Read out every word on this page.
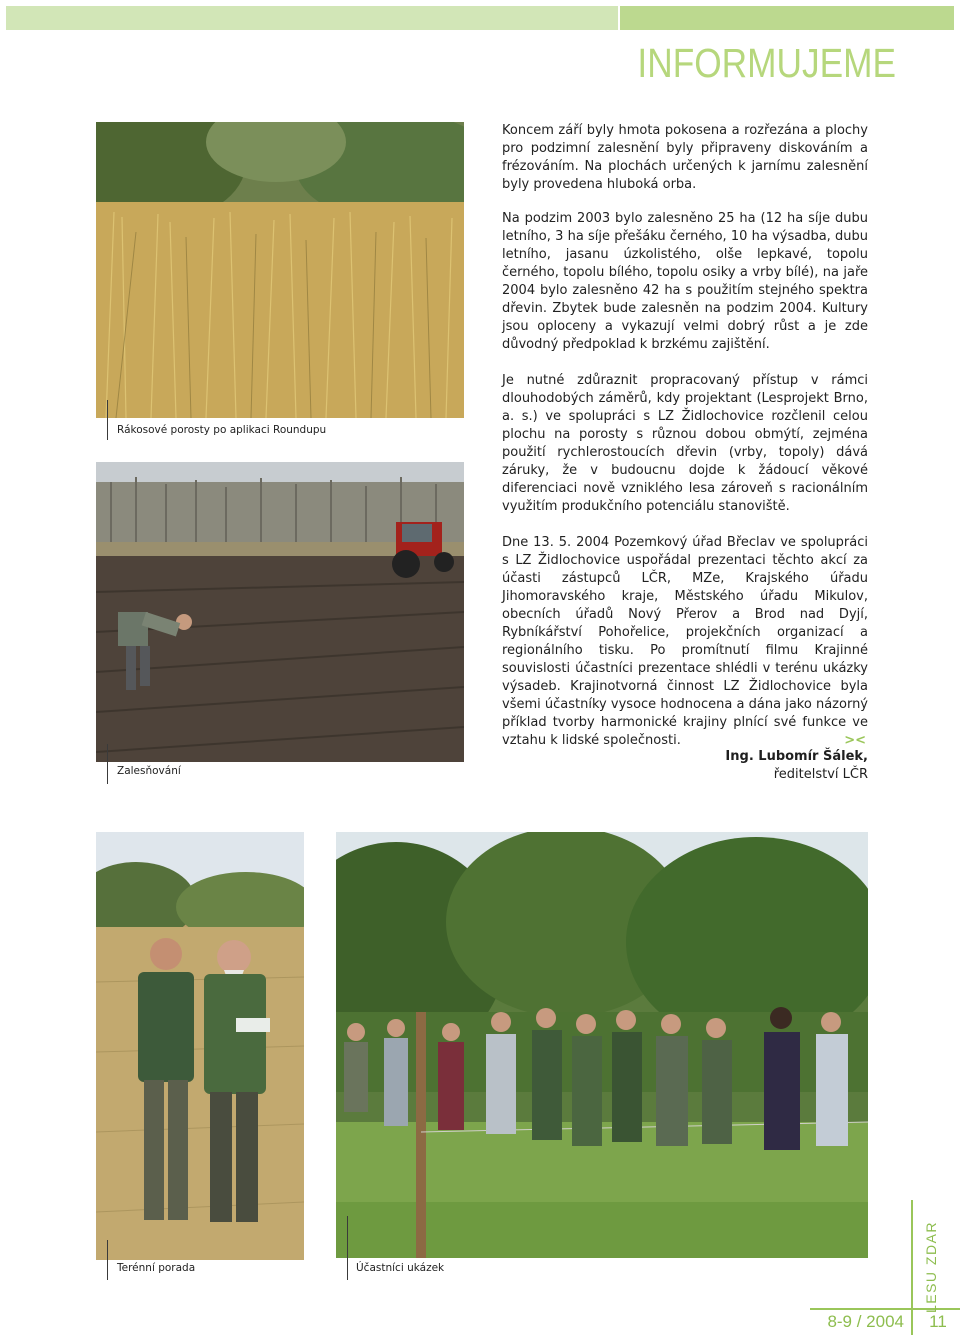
INFORMUJEME
Rákosové porosty po aplikaci Roundupu
Zalesňování

Koncem září byly hmota pokosena a rozřezána a plochy pro podzimní zalesnění byly připraveny diskováním a frézováním. Na plochách určených k jarnímu zalesnění byly provedena hluboká orba.

Na podzim 2003 bylo zalesněno 25 ha (12 ha síje dubu letního, 3 ha síje přešáku černého, 10 ha výsadba, dubu letního, jasanu úzkolistého, olše lepkavé, topolu černého, topolu bílého, topolu osiky a vrby bílé), na jaře 2004 bylo zalesněno 42 ha s použitím stejného spektra dřevin. Zbytek bude zalesněn na podzim 2004. Kultury jsou oploceny a vykazují velmi dobrý růst a je zde důvodný předpoklad k brzkému zajištění.

Je nutné zdůraznit propracovaný přístup v rámci dlouhodobých záměrů, kdy projektant (Lesprojekt Brno, a. s.) ve spolupráci s LZ Židlochovice rozčlenil celou plochu na porosty s různou dobou obmýtí, zejména použití rychlerostoucích dřevin (vrby, topoly) dává záruky, že v budoucnu dojde k žádoucí věkové diferenciaci nově vzniklého lesa zároveň s racionálním využitím produkčního potenciálu stanoviště.

Dne 13. 5. 2004 Pozemkový úřad Břeclav ve spolupráci s LZ Židlochovice uspořádal prezentaci těchto akcí za účasti zástupců LČR, MZe, Krajského úřadu Jihomoravského kraje, Městského úřadu Mikulov, obecních úřadů Nový Přerov a Brod nad Dyjí, Rybníkářství Pohořelice, projekčních organizací a regionálního tisku. Po promítnutí filmu Krajinné souvislosti účastníci prezentace shlédli v terénu ukázky výsadeb. Krajinotvorná činnost LZ Židlochovice byla všemi účastníky vysoce hodnocena a dána jako názorný příklad tvorby harmonické krajiny plnící své funkce ve vztahu k lidské společnosti.	><

Ing. Lubomír Šálek,
ředitelství LČR
Terénní porada	Účastníci ukázek	LESU ZDAR
8-9 / 2004	11
